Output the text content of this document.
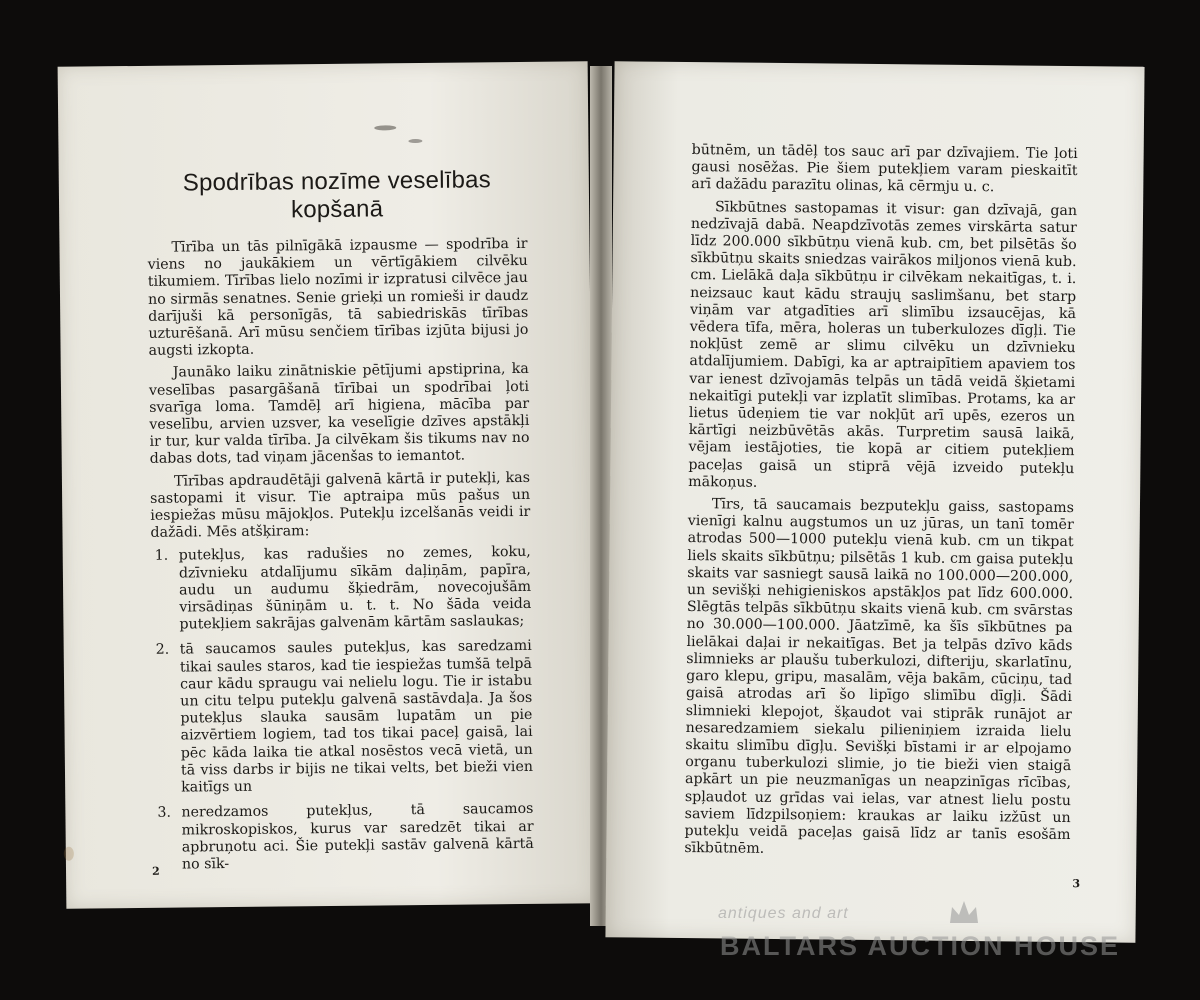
Spodrības nozīme veselības kopšanā

Tīrība un tās pilnīgākā izpausme — spodrība ir viens no jaukākiem un vērtīgākiem cilvēku tikumiem. Tīrības lielo nozīmi ir izpratusi cilvēce jau no sirmās senatnes. Senie grieķi un romieši ir daudz darījuši kā personīgās, tā sabiedriskās tīrības uzturēšanā. Arī mūsu senčiem tīrības izjūta bijusi jo augsti izkopta.

Jaunāko laiku zinātniskie pētījumi apstiprina, ka veselības pasargāšanā tīrībai un spodrībai ļoti svarīga loma. Tamdēļ arī higiena, mācība par veselību, arvien uzsver, ka veselīgie dzīves apstākļi ir tur, kur valda tīrība. Ja cilvēkam šis tikums nav no dabas dots, tad viņam jācenšas to iemantot.

Tīrības apdraudētāji galvenā kārtā ir putekļi, kas sastopami it visur. Tie aptraipa mūs pašus un iespiežas mūsu mājokļos. Putekļu izcelšanās veidi ir dažādi. Mēs atšķiram:

1. putekļus, kas radušies no zemes, koku, dzīvnieku atdalījumu sīkām daļiņām, papīra, audu un audumu šķiedrām, novecojušām virsādiņas šūniņām u. t. t. No šāda veida putekļiem sakrājas galvenām kārtām saslaukas;
2. tā saucamos saules putekļus, kas saredzami tikai saules staros, kad tie iespiežas tumšā telpā caur kādu spraugu vai nelielu logu. Tie ir istabu un citu telpu putekļu galvenā sastāvdaļa. Ja šos putekļus slauka sausām lupatām un pie aizvērtiem logiem, tad tos tikai paceļ gaisā, lai pēc kāda laika tie atkal nosēstos vecā vietā, un tā viss darbs ir bijis ne tikai velts, bet bieži vien kaitīgs un
3. neredzamos putekļus, tā saucamos mikroskopiskos, kurus var saredzēt tikai ar apbruņotu aci. Šie putekļi sastāv galvenā kārtā no sīk-
2

būtnēm, un tādēļ tos sauc arī par dzīvajiem. Tie ļoti gausi nosēžas. Pie šiem putekļiem varam pieskaitīt arī dažādu parazītu olinas, kā cērmju u. c.

Sīkbūtnes sastopamas it visur: gan dzīvajā, gan nedzīvajā dabā. Neapdzīvotās zemes virskārta satur līdz 200.000 sīkbūtņu vienā kub. cm, bet pilsētās šo sīkbūtņu skaits sniedzas vairākos miljonos vienā kub. cm. Lielākā daļa sīkbūtņu ir cilvēkam nekaitīgas, t. i. neizsauc kaut kādu straujų saslimšanu, bet starp viņām var atgadīties arī slimību izsaucējas, kā vēdera tīfa, mēra, holeras un tuberkulozes dīgļi. Tie nokļūst zemē ar slimu cilvēku un dzīvnieku atdalījumiem. Dabīgi, ka ar aptraipītiem apaviem tos var ienest dzīvojamās telpās un tādā veidā šķietami nekaitīgi putekļi var izplatīt slimības. Protams, ka ar lietus ūdeņiem tie var nokļūt arī upēs, ezeros un kārtīgi neizbūvētās akās. Turpretim sausā laikā, vējam iestājoties, tie kopā ar citiem putekļiem paceļas gaisā un stiprā vējā izveido putekļu mākoņus.

Tīrs, tā saucamais bezputekļu gaiss, sastopams vienīgi kalnu augstumos un uz jūras, un tanī tomēr atrodas 500—1000 putekļu vienā kub. cm un tikpat liels skaits sīkbūtņu; pilsētās 1 kub. cm gaisa putekļu skaits var sasniegt sausā laikā no 100.000—200.000, un sevišķi nehigieniskos apstākļos pat līdz 600.000. Slēgtās telpās sīkbūtņu skaits vienā kub. cm svārstas no 30.000—100.000. Jāatzīmē, ka šīs sīkbūtnes pa lielākai daļai ir nekaitīgas. Bet ja telpās dzīvo kāds slimnieks ar plaušu tuberkulozi, difteriju, skarlatīnu, garo klepu, gripu, masalām, vēja bakām, cūciņu, tad gaisā atrodas arī šo lipīgo slimību dīgļi. Šādi slimnieki klepojot, šķaudot vai stiprāk runājot ar nesaredzamiem siekalu pilieniņiem izraida lielu skaitu slimību dīgļu. Sevišķi bīstami ir ar elpojamo organu tuberkulozi slimie, jo tie bieži vien staigā apkārt un pie neuzmanīgas un neapzinīgas rīcības, spļaudot uz grīdas vai ielas, var atnest lielu postu saviem līdzpilsoņiem: kraukas ar laiku izžūst un putekļu veidā paceļas gaisā līdz ar tanīs esošām sīkbūtnēm.

3
antiques and art
BALTARS AUCTION HOUSE
